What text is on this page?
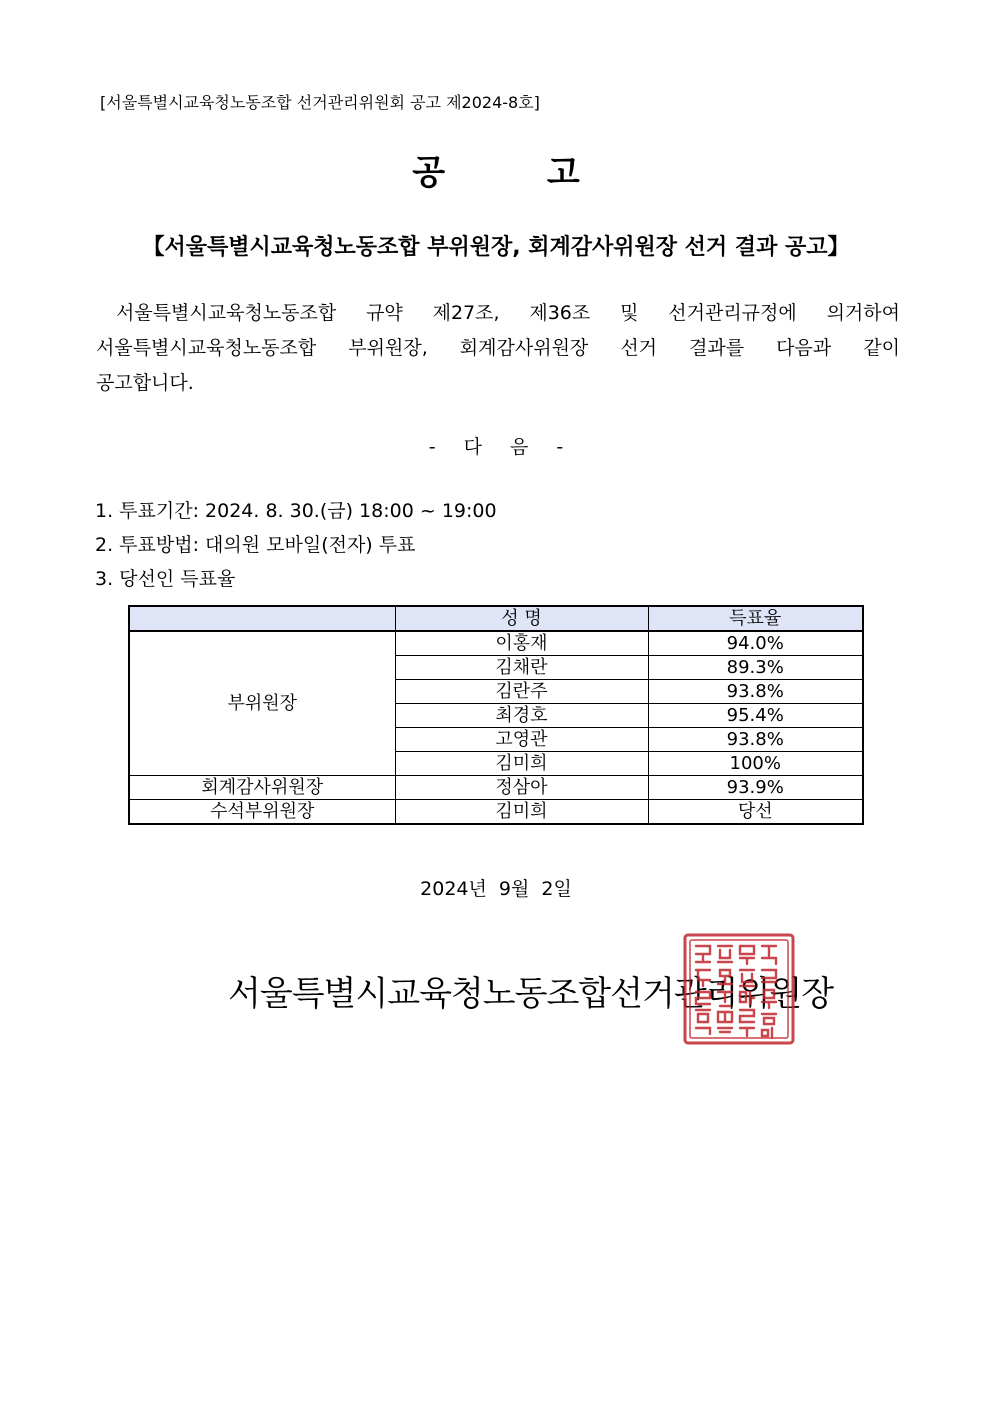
[서울특별시교육청노동조합 선거관리위원회 공고 제2024-8호]
공 고
【서울특별시교육청노동조합 부위원장, 회계감사위원장 선거 결과 공고】
서울특별시교육청노동조합 규약 제27조, 제36조 및 선거관리규정에 의거하여
서울특별시교육청노동조합 부위원장, 회계감사위원장 선거 결과를 다음과 같이
공고합니다.
- 다 음 -
1. 투표기간: 2024. 8. 30.(금) 18:00 ~ 19:00
2. 투표방법: 대의원 모바일(전자) 투표
3. 당선인 득표율
	성 명	득표율
부위원장	이홍재	94.0%
	김채란	89.3%
	김란주	93.8%
	최경호	95.4%
	고영관	93.8%
	김미희	100%
회계감사위원장	정삼아	93.9%
수석부위원장	김미희	당선
2024년 9월 2일
서울특별시교육청노동조합선거관리위원장
